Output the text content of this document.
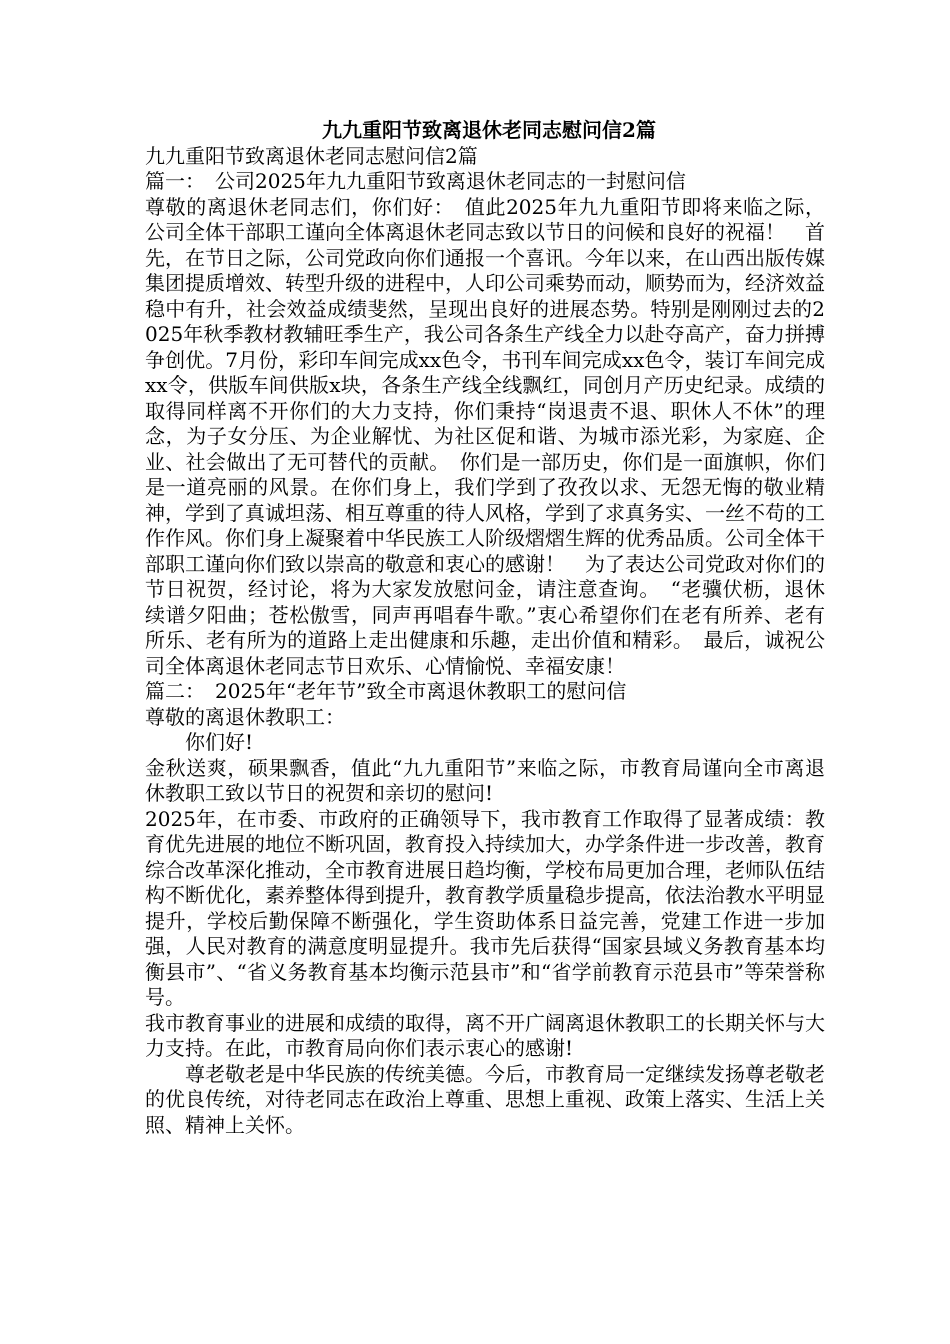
九九重阳节致离退休老同志慰问信2篇

九九重阳节致离退休老同志慰问信2篇

篇一：　公司2025年九九重阳节致离退休老同志的一封慰问信

尊敬的离退休老同志们，你们好：　值此2025年九九重阳节即将来临之际，公司全体干部职工谨向全体离退休老同志致以节日的问候和良好的祝福！　首先，在节日之际，公司党政向你们通报一个喜讯。今年以来，在山西出版传媒集团提质增效、转型升级的进程中，人印公司乘势而动，顺势而为，经济效益稳中有升，社会效益成绩斐然，呈现出良好的进展态势。特别是刚刚过去的2025年秋季教材教辅旺季生产，我公司各条生产线全力以赴夺高产，奋力拼搏争创优。7月份，彩印车间完成xx色令，书刊车间完成xx色令，装订车间完成xx令，供版车间供版x块，各条生产线全线飘红，同创月产历史纪录。成绩的取得同样离不开你们的大力支持，你们秉持“岗退责不退、职休人不休”的理念，为子女分压、为企业解忧、为社区促和谐、为城市添光彩，为家庭、企业、社会做出了无可替代的贡献。　你们是一部历史，你们是一面旗帜，你们是一道亮丽的风景。在你们身上，我们学到了孜孜以求、无怨无悔的敬业精神，学到了真诚坦荡、相互尊重的待人风格，学到了求真务实、一丝不苟的工作作风。你们身上凝聚着中华民族工人阶级熠熠生辉的优秀品质。公司全体干部职工谨向你们致以崇高的敬意和衷心的感谢！　为了表达公司党政对你们的节日祝贺，经讨论，将为大家发放慰问金，请注意查询。　“老骥伏枥，退休续谱夕阳曲；苍松傲雪，同声再唱春牛歌。”衷心希望你们在老有所养、老有所乐、老有所为的道路上走出健康和乐趣，走出价值和精彩。　最后，诚祝公司全体离退休老同志节日欢乐、心情愉悦、幸福安康！

篇二：　2025年“老年节”致全市离退休教职工的慰问信

尊敬的离退休教职工：

你们好!

金秋送爽，硕果飘香，值此“九九重阳节”来临之际，市教育局谨向全市离退休教职工致以节日的祝贺和亲切的慰问!

2025年，在市委、市政府的正确领导下，我市教育工作取得了显著成绩：教育优先进展的地位不断巩固，教育投入持续加大，办学条件进一步改善，教育综合改革深化推动，全市教育进展日趋均衡，学校布局更加合理，老师队伍结构不断优化，素养整体得到提升，教育教学质量稳步提高，依法治教水平明显提升，学校后勤保障不断强化，学生资助体系日益完善，党建工作进一步加强，人民对教育的满意度明显提升。我市先后获得“国家县域义务教育基本均衡县市”、“省义务教育基本均衡示范县市”和“省学前教育示范县市”等荣誉称号。

我市教育事业的进展和成绩的取得，离不开广阔离退休教职工的长期关怀与大力支持。在此，市教育局向你们表示衷心的感谢!

尊老敬老是中华民族的传统美德。今后，市教育局一定继续发扬尊老敬老的优良传统，对待老同志在政治上尊重、思想上重视、政策上落实、生活上关照、精神上关怀。
